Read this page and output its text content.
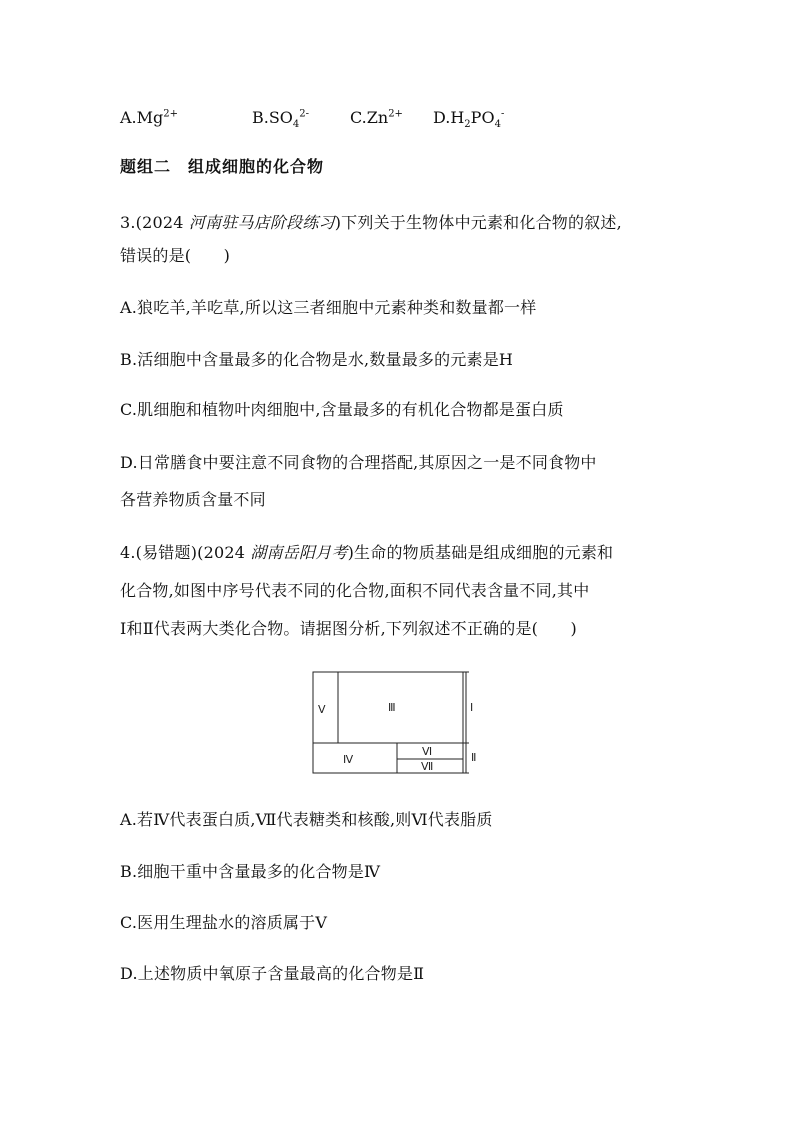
$A.Mg^{2+}$	$B.SO_4^{2-}$	$C.Zn^{2+}$ $D.H_2PO_4^-$
题组二　组成细胞的化合物
3.(2024 河南驻马店阶段练习)下列关于生物体中元素和化合物的叙述,
错误的是(　　)
A.狼吃羊,羊吃草,所以这三者细胞中元素种类和数量都一样
B.活细胞中含量最多的化合物是水,数量最多的元素是H
C.肌细胞和植物叶肉细胞中,含量最多的有机化合物都是蛋白质
D.日常膳食中要注意不同食物的合理搭配,其原因之一是不同食物中
各营养物质含量不同
4.(易错题)(2024 湖南岳阳月考)生命的物质基础是组成细胞的元素和
化合物,如图中序号代表不同的化合物,面积不同代表含量不同,其中
Ⅰ和Ⅱ代表两大类化合物。请据图分析,下列叙述不正确的是(　　)
Ⅴ	Ⅲ
Ⅳ
Ⅵ
Ⅶ
Ⅰ
Ⅱ
A.若Ⅳ代表蛋白质,Ⅶ代表糖类和核酸,则Ⅵ代表脂质
B.细胞干重中含量最多的化合物是Ⅳ
C.医用生理盐水的溶质属于Ⅴ
D.上述物质中氧原子含量最高的化合物是Ⅱ
